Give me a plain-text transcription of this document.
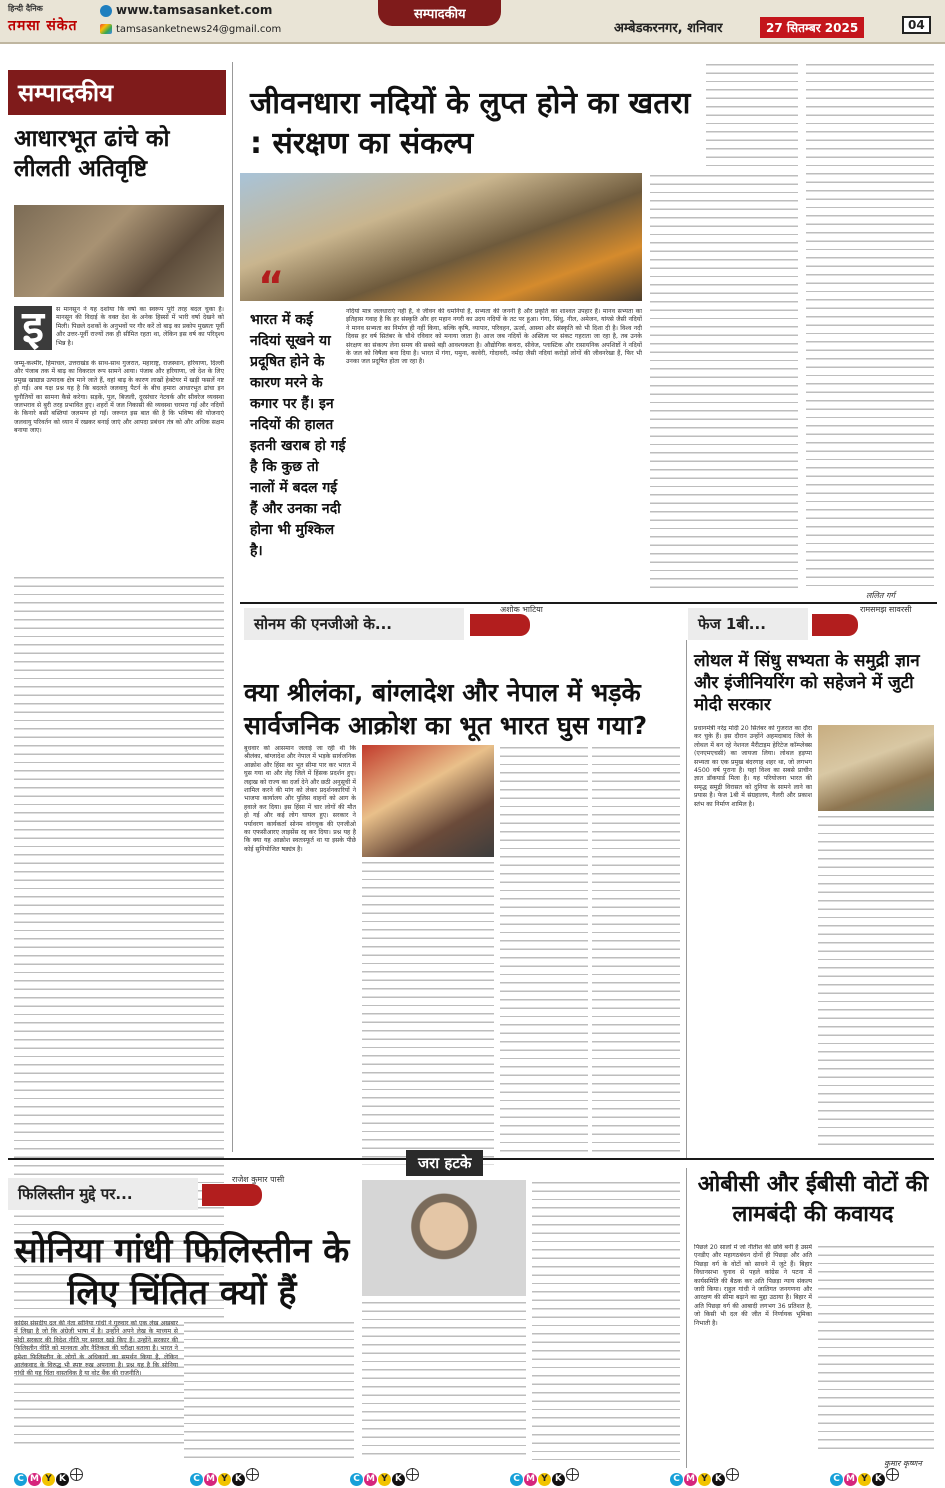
हिन्दी दैनिक
तमसा संकेत
www.tamsasanket.com
tamsasanketnews24@gmail.com
सम्पादकीय
अम्बेडकरनगर, शनिवार	27 सितम्बर 2025	04
सम्पादकीय
आधारभूत ढांचे को लीलती अतिवृष्टि
इ	स मानसून ने यह दर्शाया कि वर्षा का स्वरूप पूरी तरह बदल चुका है। मानसून की विदाई के वक्त देश के अनेक हिस्सों में भारी वर्षा देखने को मिली। पिछले दशकों के अनुभवों पर गौर करें तो बाढ़ का प्रकोप मुख्यतः पूर्वी और उत्तर-पूर्वी राज्यों तक ही सीमित रहता था, लेकिन इस वर्ष का परिदृश्य भिन्न है।
जम्मू-कश्मीर, हिमाचल, उत्तराखंड के साथ-साथ गुजरात, महाराष्ट्र, राजस्थान, हरियाणा, दिल्ली और पंजाब तक में बाढ़ का विकराल रूप सामने आया। पंजाब और हरियाणा, जो देश के लिए प्रमुख खाद्यान्न उत्पादक क्षेत्र माने जाते हैं, वहां बाढ़ के कारण लाखों हेक्टेयर में खड़ी फसलें नष्ट हो गईं। अब यक्ष प्रश्न यह है कि बदलते जलवायु पैटर्न के बीच हमारा आधारभूत ढांचा इन चुनौतियों का सामना कैसे करेगा। सड़कें, पुल, बिजली, दूरसंचार नेटवर्क और सीवरेज व्यवस्था जलभराव से बुरी तरह प्रभावित हुए। शहरों में जल निकासी की व्यवस्था चरमरा गई और नदियों के किनारे बसी बस्तियां जलमग्न हो गईं। जरूरत इस बात की है कि भविष्य की योजनाएं जलवायु परिवर्तन को ध्यान में रखकर बनाई जाएं और आपदा प्रबंधन तंत्र को और अधिक सक्षम बनाया जाए।
जीवनधारा नदियों के लुप्त होने का खतरा : संरक्षण का संकल्प
“
भारत में कई नदियां सूखने या प्रदूषित होने के कारण मरने के कगार पर हैं। इन नदियों की हालत इतनी खराब हो गई है कि कुछ तो नालों में बदल गई हैं और उनका नदी होना भी मुश्किल है।
नदियां मात्र जलधाराएं नहीं हैं, वे जीवन की धमनियां हैं, सभ्यता की जननी हैं और प्रकृति का शाश्वत उपहार हैं। मानव सभ्यता का इतिहास गवाह है कि हर संस्कृति और हर महान नगरी का उदय नदियों के तट पर हुआ। गंगा, सिंधु, नील, अमेजन, यांग्त्से जैसी नदियों ने मानव सभ्यता का निर्माण ही नहीं किया, बल्कि कृषि, व्यापार, परिवहन, ऊर्जा, आस्था और संस्कृति को भी दिशा दी है। विश्व नदी दिवस हर वर्ष सितंबर के चौथे रविवार को मनाया जाता है। आज जब नदियों के अस्तित्व पर संकट गहराता जा रहा है, तब उनके संरक्षण का संकल्प लेना समय की सबसे बड़ी आवश्यकता है। औद्योगिक कचरा, सीवेज, प्लास्टिक और रासायनिक अपशिष्टों ने नदियों के जल को विषैला बना दिया है। भारत में गंगा, यमुना, कावेरी, गोदावरी, नर्मदा जैसी नदियां करोड़ों लोगों की जीवनरेखा हैं, फिर भी उनका जल प्रदूषित होता जा रहा है।
ललित गर्ग
सोनम की एनजीओ के...
अशोक भाटिया
फेज 1बी...
रामसमझ सावरसी
क्या श्रीलंका, बांग्लादेश और नेपाल में भड़के सार्वजनिक आक्रोश का भूत भारत घुस गया?
बुधवार को आसमान जलाई जा रही थी कि श्रीलंका, बांग्लादेश और नेपाल में भड़के सार्वजनिक आक्रोश और हिंसा का भूत सीमा पार कर भारत में घुस गया था और लेह जिले में हिंसक प्रदर्शन हुए। लद्दाख को राज्य का दर्जा देने और छठी अनुसूची में शामिल करने की मांग को लेकर प्रदर्शनकारियों ने भाजपा कार्यालय और पुलिस वाहनों को आग के हवाले कर दिया। इस हिंसा में चार लोगों की मौत हो गई और कई लोग घायल हुए। सरकार ने पर्यावरण कार्यकर्ता सोनम वांगचुक की एनजीओ का एफसीआरए लाइसेंस रद्द कर दिया। प्रश्न यह है कि क्या यह आक्रोश स्वतःस्फूर्त था या इसके पीछे कोई सुनियोजित षड्यंत्र है।
लोथल में सिंधु सभ्यता के समुद्री ज्ञान और इंजीनियरिंग को सहेजने में जुटी मोदी सरकार
प्रधानमंत्री नरेंद्र मोदी 20 सितंबर को गुजरात का दौरा कर चुके हैं। इस दौरान उन्होंने अहमदाबाद जिले के लोथल में बन रहे नेशनल मैरीटाइम हेरिटेज कॉम्प्लेक्स (एनएमएचसी) का जायजा लिया। लोथल हड़प्पा सभ्यता का एक प्रमुख बंदरगाह शहर था, जो लगभग 4500 वर्ष पुराना है। यहां विश्व का सबसे प्राचीन ज्ञात डॉकयार्ड मिला है। यह परियोजना भारत की समृद्ध समुद्री विरासत को दुनिया के सामने लाने का प्रयास है। फेज 1बी में संग्रहालय, गैलरी और प्रकाश स्तंभ का निर्माण शामिल है।
जरा हटके
फिलिस्तीन मुद्दे पर...
राजेश कुमार पासी
सोनिया गांधी फिलिस्तीन के लिए चिंतित क्यों हैं
कांग्रेस संसदीय दल की नेता सोनिया गांधी ने गुरुवार को एक लेख अखबार में लिखा है जो कि अंग्रेजी भाषा में है। उन्होंने अपने लेख के माध्यम से मोदी सरकार की विदेश नीति पर सवाल खड़े किए हैं। उन्होंने सरकार की फिलिस्तीन नीति को मानवता और नैतिकता की परीक्षा बताया है। भारत ने हमेशा फिलिस्तीन के लोगों के अधिकारों का समर्थन किया है, लेकिन आतंकवाद के विरुद्ध भी स्पष्ट रुख अपनाया है। प्रश्न यह है कि सोनिया गांधी की यह चिंता वास्तविक है या वोट बैंक की राजनीति।
ओबीसी और ईबीसी वोटों की लामबंदी की कवायद
पिछले 20 सालों में जो नीतीश की छवि बनी है उसमें एनडीए और महागठबंधन दोनों ही पिछड़ा और अति पिछड़ा वर्ग के वोटों को साधने में जुटे हैं। बिहार विधानसभा चुनाव से पहले कांग्रेस ने पटना में कार्यसमिति की बैठक कर अति पिछड़ा न्याय संकल्प जारी किया। राहुल गांधी ने जातिगत जनगणना और आरक्षण की सीमा बढ़ाने का मुद्दा उठाया है। बिहार में अति पिछड़ा वर्ग की आबादी लगभग 36 प्रतिशत है, जो किसी भी दल की जीत में निर्णायक भूमिका निभाती है।
कुमार कृष्णन
C M Y K	C M Y K	C M Y K	C M Y K	C M Y K	C M Y K
